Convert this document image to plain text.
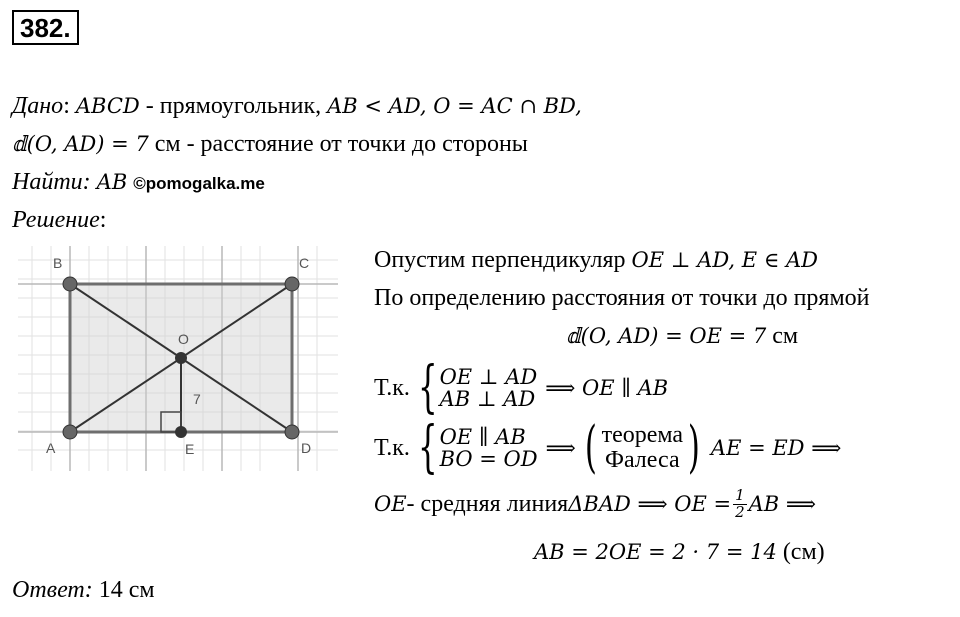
382.
Дано: ABCD - прямоугольник, AB < AD, O = AC ∩ BD,
𝕕(O, AD) = 7 см - расстояние от точки до стороны
Найти: AB ©pomogalka.me
Решение:
B	C
A	D
O
E
7
Опустим перпендикуляр OE ⊥ AD, E ∈ AD
По определению расстояния от точки до прямой
𝕕(O, AD) = OE = 7 см
Т.к. { OE ⊥ AD
AB ⊥ AD ⟹ OE ∥ AB
Т.к. { OE ∥ AB
BO = OD ⟹ ( теорема
Фалеса ) AE = ED ⟹
OE - средняя линия ΔBAD ⟹ OE = $\frac{1}{2}$ AB ⟹
AB = 2OE = 2 · 7 = 14 (см)
Ответ: 14 см
